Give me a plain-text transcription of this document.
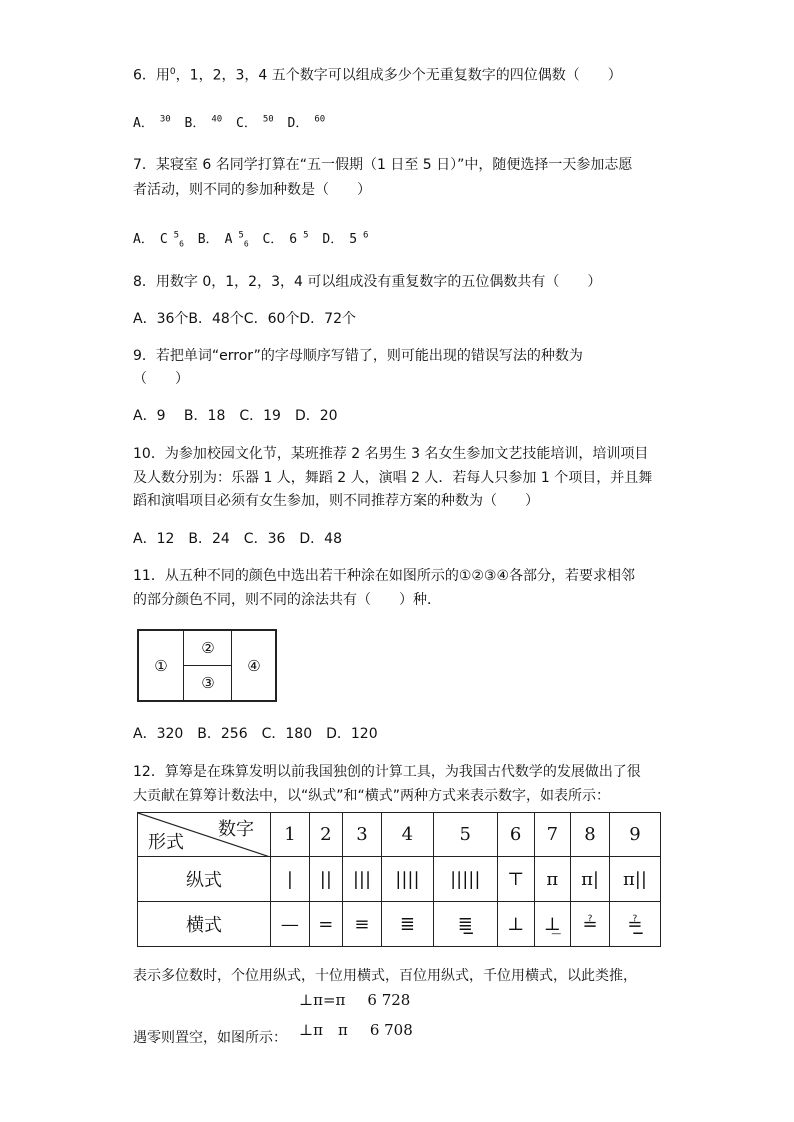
6．用$^0$，1，2，3，4 五个数字可以组成多少个无重复数字的四位偶数（　　）
A． $^{30}$ B． $^{40}$ C． $^{50}$ D． $^{60}$
7．某寝室 6 名同学打算在“五一假期（1 日至 5 日）”中，随便选择一天参加志愿
者活动，则不同的参加种数是（　　）
A． C $^5_6$ B． A $^5_6$ C． 6 $^5$ D． 5 $^6$
8．用数字 0，1，2，3，4 可以组成没有重复数字的五位偶数共有（　　）
A．36个B．48个C．60个D．72个
9．若把单词“error”的字母顺序写错了，则可能出现的错误写法的种数为
（　　）
A．9　 B．18　C．19　D．20
10．为参加校园文化节，某班推荐 2 名男生 3 名女生参加文艺技能培训，培训项目
及人数分别为：乐器 1 人，舞蹈 2 人，演唱 2 人．若每人只参加 1 个项目，并且舞
蹈和演唱项目必须有女生参加，则不同推荐方案的种数为（　　）
A．12　B．24　C．36　D．48
11．从五种不同的颜色中选出若干种涂在如图所示的①②③④各部分，若要求相邻
的部分颜色不同，则不同的涂法共有（　　）种．
①
②
③
④
A．320　B．256　C．180　D．120
12．算筹是在珠算发明以前我国独创的计算工具，为我国古代数学的发展做出了很
大贡献在算筹计数法中，以“纵式”和“横式”两种方式来表示数字，如表所示：
数字
形式	1	2	3	4	5	6	7	8	9
纵式	|	||	|||	||||	|||||	⊤	π	π|	π||
横式	—	=	≡	≣	≣̲	⊥	⊥̲	≟	≟̲
表示多位数时，个位用纵式，十位用横式，百位用纵式，千位用横式，以此类推，
⊥π=π 6 728
遇零则置空，如图所示： ⊥π　π 6 708
